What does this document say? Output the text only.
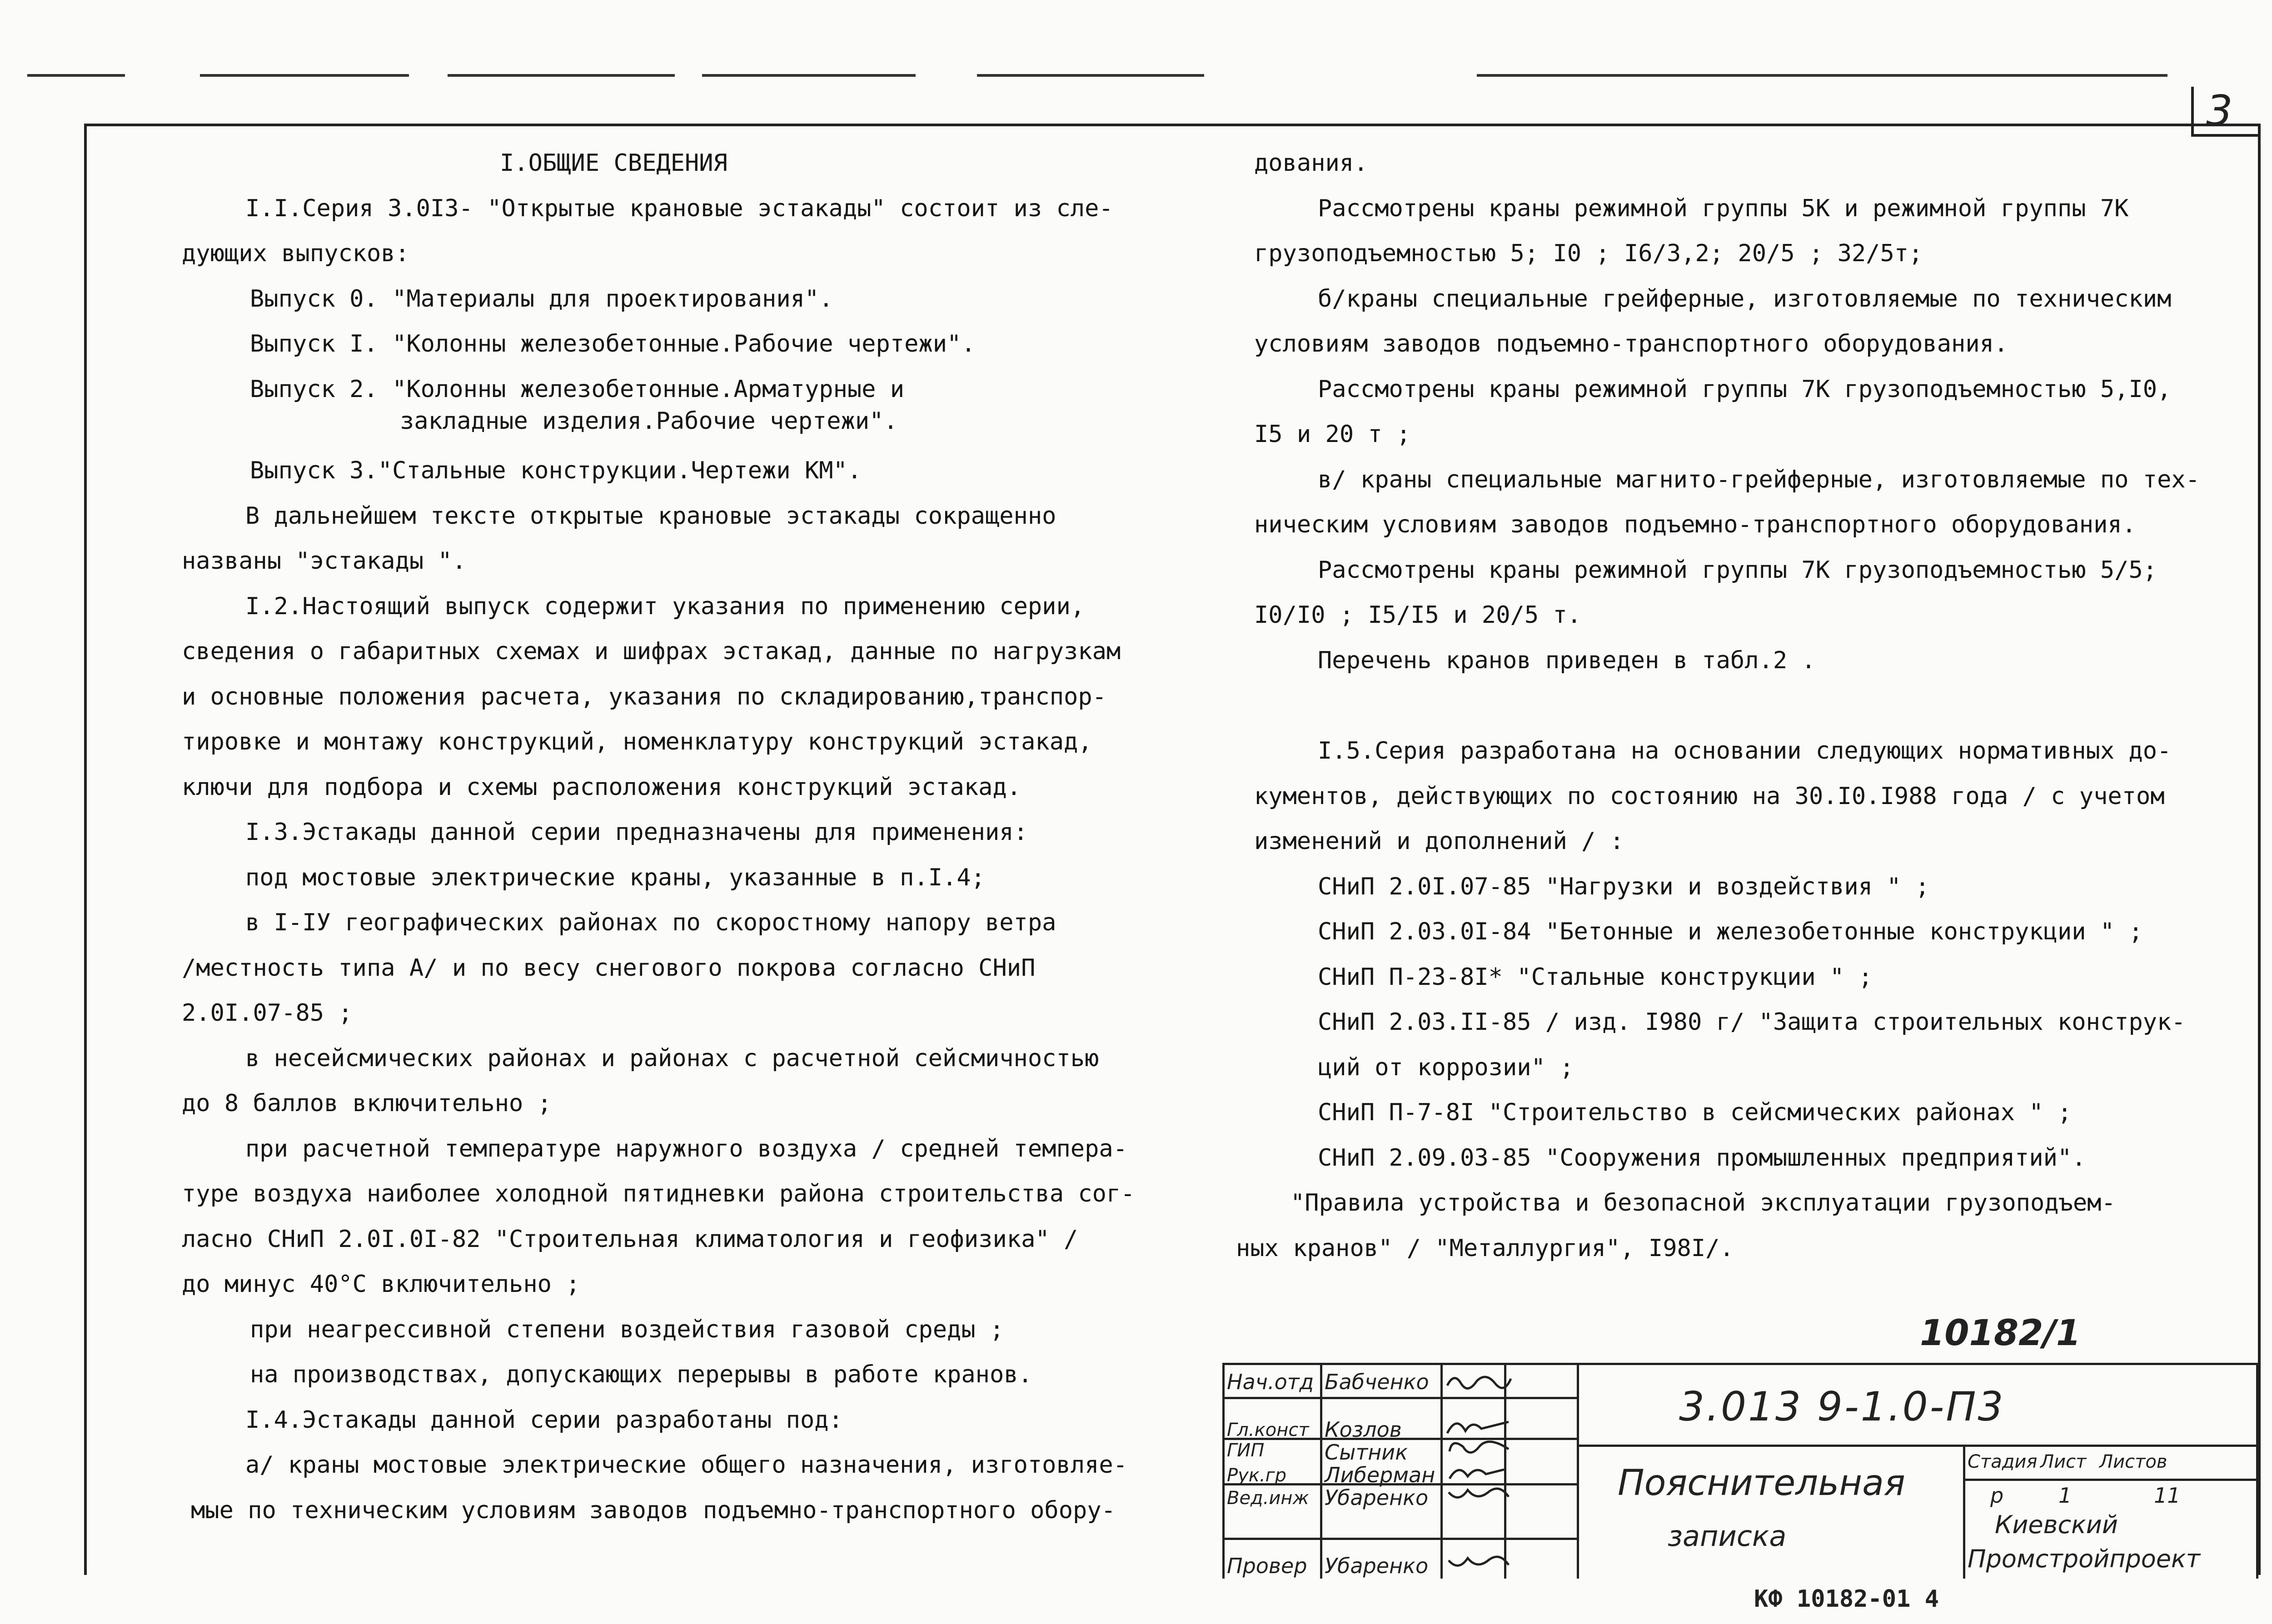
3
I.ОБЩИЕ СВЕДЕНИЯ
I.I.Серия 3.0I3- "Открытые крановые эстакады" состоит из сле-
дующих выпусков:
Выпуск 0. "Материалы для проектирования".
Выпуск I. "Колонны железобетонные.Рабочие чертежи".
Выпуск 2. "Колонны железобетонные.Арматурные и
закладные изделия.Рабочие чертежи".
Выпуск 3."Стальные конструкции.Чертежи КМ".
В дальнейшем тексте открытые крановые эстакады сокращенно
названы "эстакады ".
I.2.Настоящий выпуск содержит указания по применению серии,
сведения о габаритных схемах и шифрах эстакад, данные по нагрузкам
и основные положения расчета, указания по складированию,транспор-
тировке и монтажу конструкций, номенклатуру конструкций эстакад,
ключи для подбора и схемы расположения конструкций эстакад.
I.3.Эстакады данной серии предназначены для применения:
под мостовые электрические краны, указанные в п.I.4;
в I-IУ географических районах по скоростному напору ветра
/местность типа А/ и по весу снегового покрова согласно СНиП
2.0I.07-85 ;
в несейсмических районах и районах с расчетной сейсмичностью
до 8 баллов включительно ;
при расчетной температуре наружного воздуха / средней темпера-
туре воздуха наиболее холодной пятидневки района строительства сог-
ласно СНиП 2.0I.0I-82 "Строительная климатология и геофизика" /
до минус 40°С включительно ;
при неагрессивной степени воздействия газовой среды ;
на производствах, допускающих перерывы в работе кранов.
I.4.Эстакады данной серии разработаны под:
а/ краны мостовые электрические общего назначения, изготовляе-
мые по техническим условиям заводов подъемно-транспортного обору-
дования.
Рассмотрены краны режимной группы 5К и режимной группы 7К
грузоподъемностью 5; I0 ; I6/3,2; 20/5 ; 32/5т;
б/краны специальные грейферные, изготовляемые по техническим
условиям заводов подъемно-транспортного оборудования.
Рассмотрены краны режимной группы 7К грузоподъемностью 5,I0,
I5 и 20 т ;
в/ краны специальные магнито-грейферные, изготовляемые по тех-
ническим условиям заводов подъемно-транспортного оборудования.
Рассмотрены краны режимной группы 7К грузоподъемностью 5/5;
I0/I0 ; I5/I5 и 20/5 т.
Перечень кранов приведен в табл.2 .
I.5.Серия разработана на основании следующих нормативных до-
кументов, действующих по состоянию на 30.I0.I988 года / с учетом
изменений и дополнений / :
СНиП 2.0I.07-85 "Нагрузки и воздействия " ;
СНиП 2.03.0I-84 "Бетонные и железобетонные конструкции " ;
СНиП П-23-8I* "Стальные конструкции " ;
СНиП 2.03.II-85 / изд. I980 г/ "Защита строительных конструк-
ций от коррозии" ;
СНиП П-7-8I "Строительство в сейсмических районах " ;
СНиП 2.09.03-85 "Сооружения промышленных предприятий".
"Правила устройства и безопасной эксплуатации грузоподъем-
ных кранов" / "Металлургия", I98I/.
10182/1
Нач.отд
Гл.конст
ГИП
Рук.гр
Вед.инж
Провер
Бабченко
Козлов
Сытник
Либерман
Убаренко
Убаренко
Стадия Лист Листов
р	1	11
Киевский
Промстройпроект
3.013 9-1.0-П3
Пояснительная
записка
КФ 10182-01 4
